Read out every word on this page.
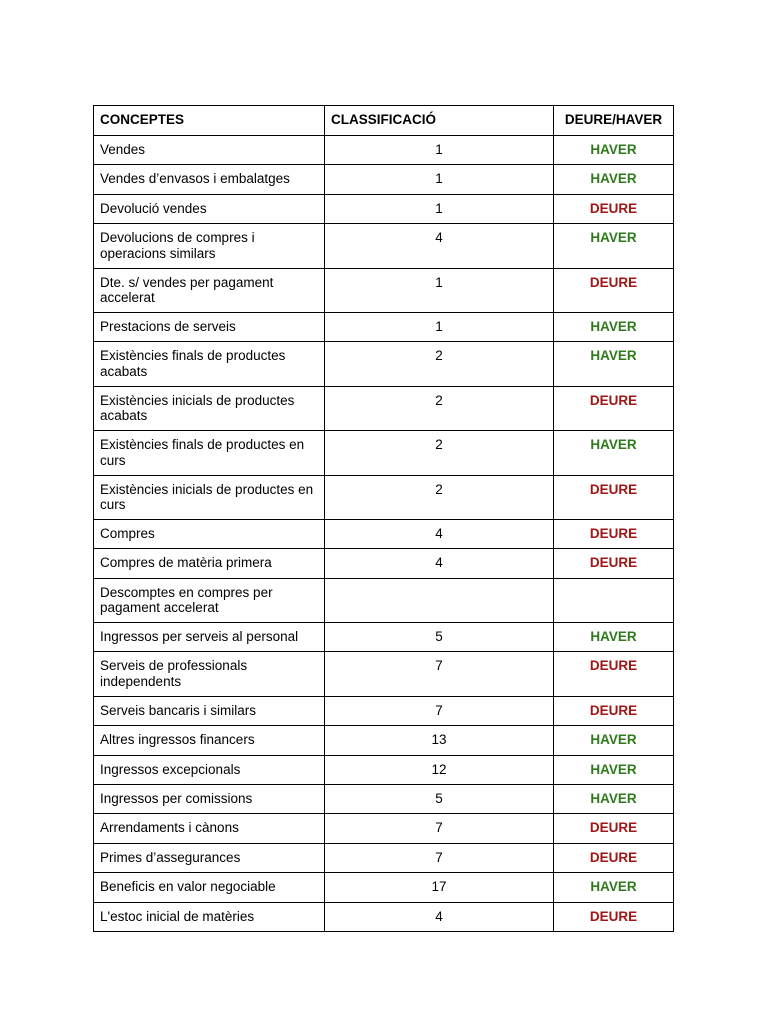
CONCEPTES	CLASSIFICACIÓ	DEURE/HAVER
Vendes	1	HAVER
Vendes d’envasos i embalatges	1	HAVER
Devolució vendes	1	DEURE
Devolucions de compres i operacions similars	4	HAVER
Dte. s/ vendes per pagament accelerat	1	DEURE
Prestacions de serveis	1	HAVER
Existències finals de productes acabats	2	HAVER
Existències inicials de productes acabats	2	DEURE
Existències finals de productes en curs	2	HAVER
Existències inicials de productes en curs	2	DEURE
Compres	4	DEURE
Compres de matèria primera	4	DEURE
Descomptes en compres per pagament accelerat		
Ingressos per serveis al personal	5	HAVER
Serveis de professionals independents	7	DEURE
Serveis bancaris i similars	7	DEURE
Altres ingressos financers	13	HAVER
Ingressos excepcionals	12	HAVER
Ingressos per comissions	5	HAVER
Arrendaments i cànons	7	DEURE
Primes d’assegurances	7	DEURE
Beneficis en valor negociable	17	HAVER
L'estoc inicial de matèries	4	DEURE
